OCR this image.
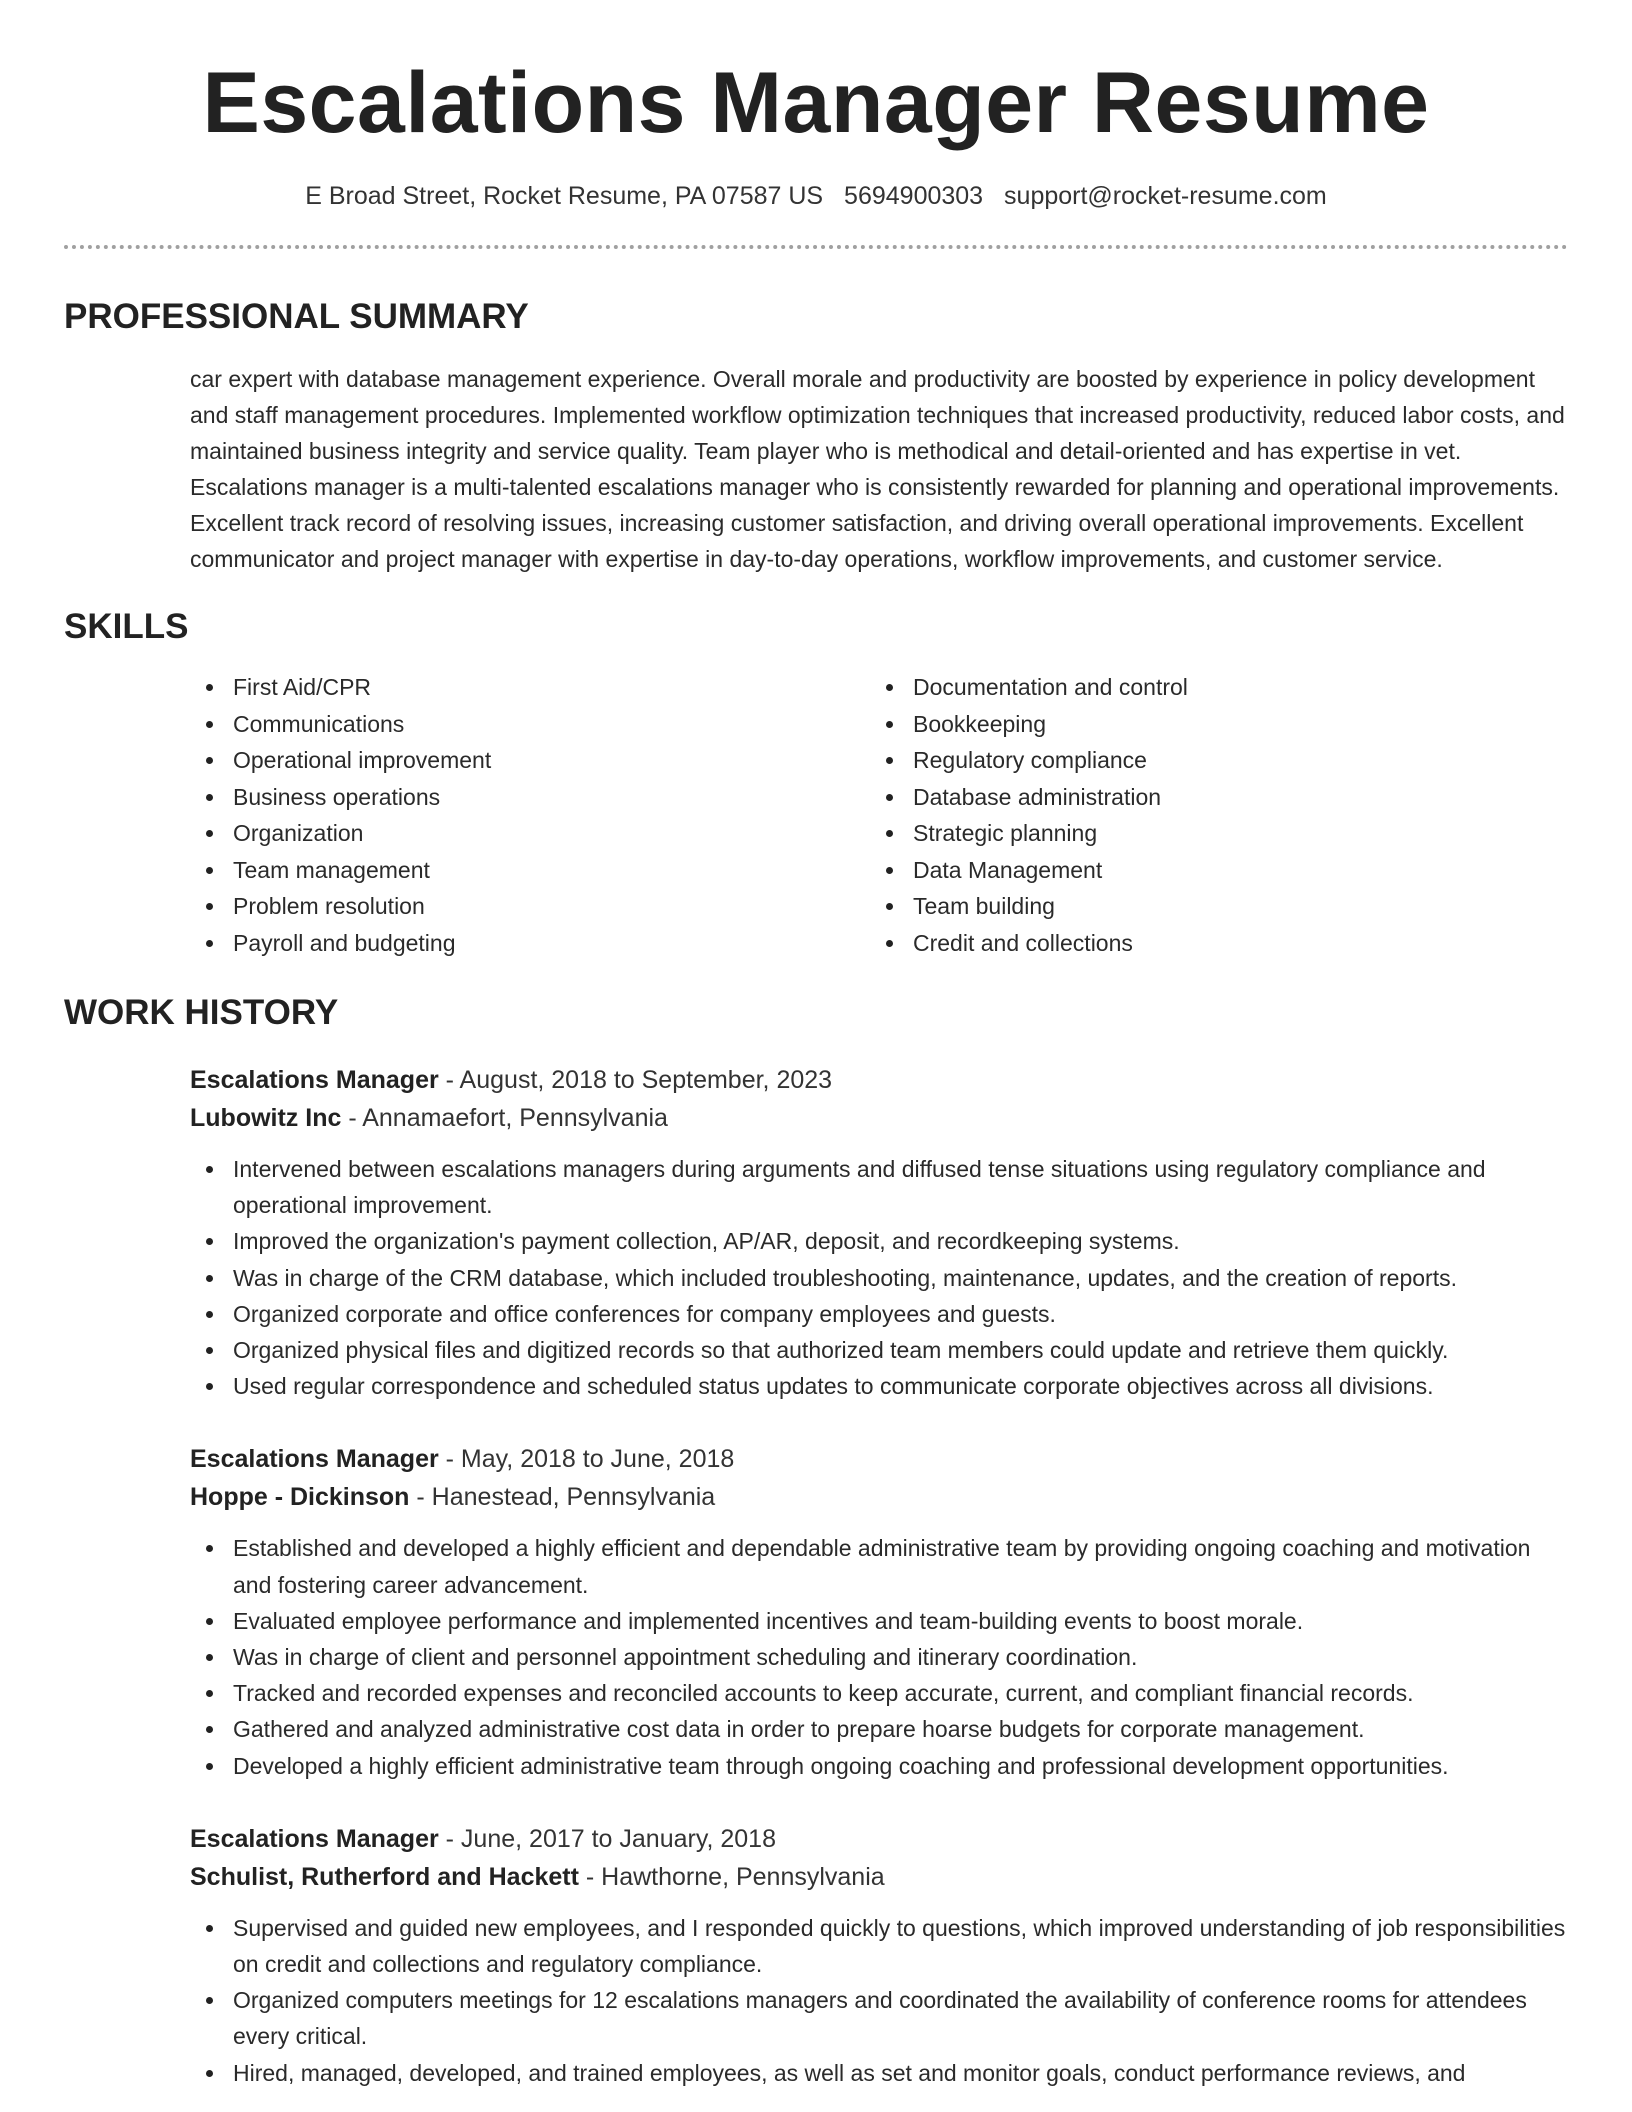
Escalations Manager Resume
E Broad Street, Rocket Resume, PA 07587 US 5694900303 support@rocket-resume.com
PROFESSIONAL SUMMARY

car expert with database management experience. Overall morale and productivity are boosted by experience in policy development and staff management procedures. Implemented workflow optimization techniques that increased productivity, reduced labor costs, and maintained business integrity and service quality. Team player who is methodical and detail-oriented and has expertise in vet. Escalations manager is a multi-talented escalations manager who is consistently rewarded for planning and operational improvements. Excellent track record of resolving issues, increasing customer satisfaction, and driving overall operational improvements. Excellent communicator and project manager with expertise in day-to-day operations, workflow improvements, and customer service.

SKILLS
First Aid/CPR
Communications
Operational improvement
Business operations
Organization
Team management
Problem resolution
Payroll and budgeting
Documentation and control
Bookkeeping
Regulatory compliance
Database administration
Strategic planning
Data Management
Team building
Credit and collections
WORK HISTORY
Escalations Manager - August, 2018 to September, 2023
Lubowitz Inc - Annamaefort, Pennsylvania
Intervened between escalations managers during arguments and diffused tense situations using regulatory compliance and operational improvement.
Improved the organization's payment collection, AP/AR, deposit, and recordkeeping systems.
Was in charge of the CRM database, which included troubleshooting, maintenance, updates, and the creation of reports.
Organized corporate and office conferences for company employees and guests.
Organized physical files and digitized records so that authorized team members could update and retrieve them quickly.
Used regular correspondence and scheduled status updates to communicate corporate objectives across all divisions.
Escalations Manager - May, 2018 to June, 2018
Hoppe - Dickinson - Hanestead, Pennsylvania
Established and developed a highly efficient and dependable administrative team by providing ongoing coaching and motivation and fostering career advancement.
Evaluated employee performance and implemented incentives and team-building events to boost morale.
Was in charge of client and personnel appointment scheduling and itinerary coordination.
Tracked and recorded expenses and reconciled accounts to keep accurate, current, and compliant financial records.
Gathered and analyzed administrative cost data in order to prepare hoarse budgets for corporate management.
Developed a highly efficient administrative team through ongoing coaching and professional development opportunities.
Escalations Manager - June, 2017 to January, 2018
Schulist, Rutherford and Hackett - Hawthorne, Pennsylvania
Supervised and guided new employees, and I responded quickly to questions, which improved understanding of job responsibilities on credit and collections and regulatory compliance.
Organized computers meetings for 12 escalations managers and coordinated the availability of conference rooms for attendees every critical.
Hired, managed, developed, and trained employees, as well as set and monitor goals, conduct performance reviews, and
